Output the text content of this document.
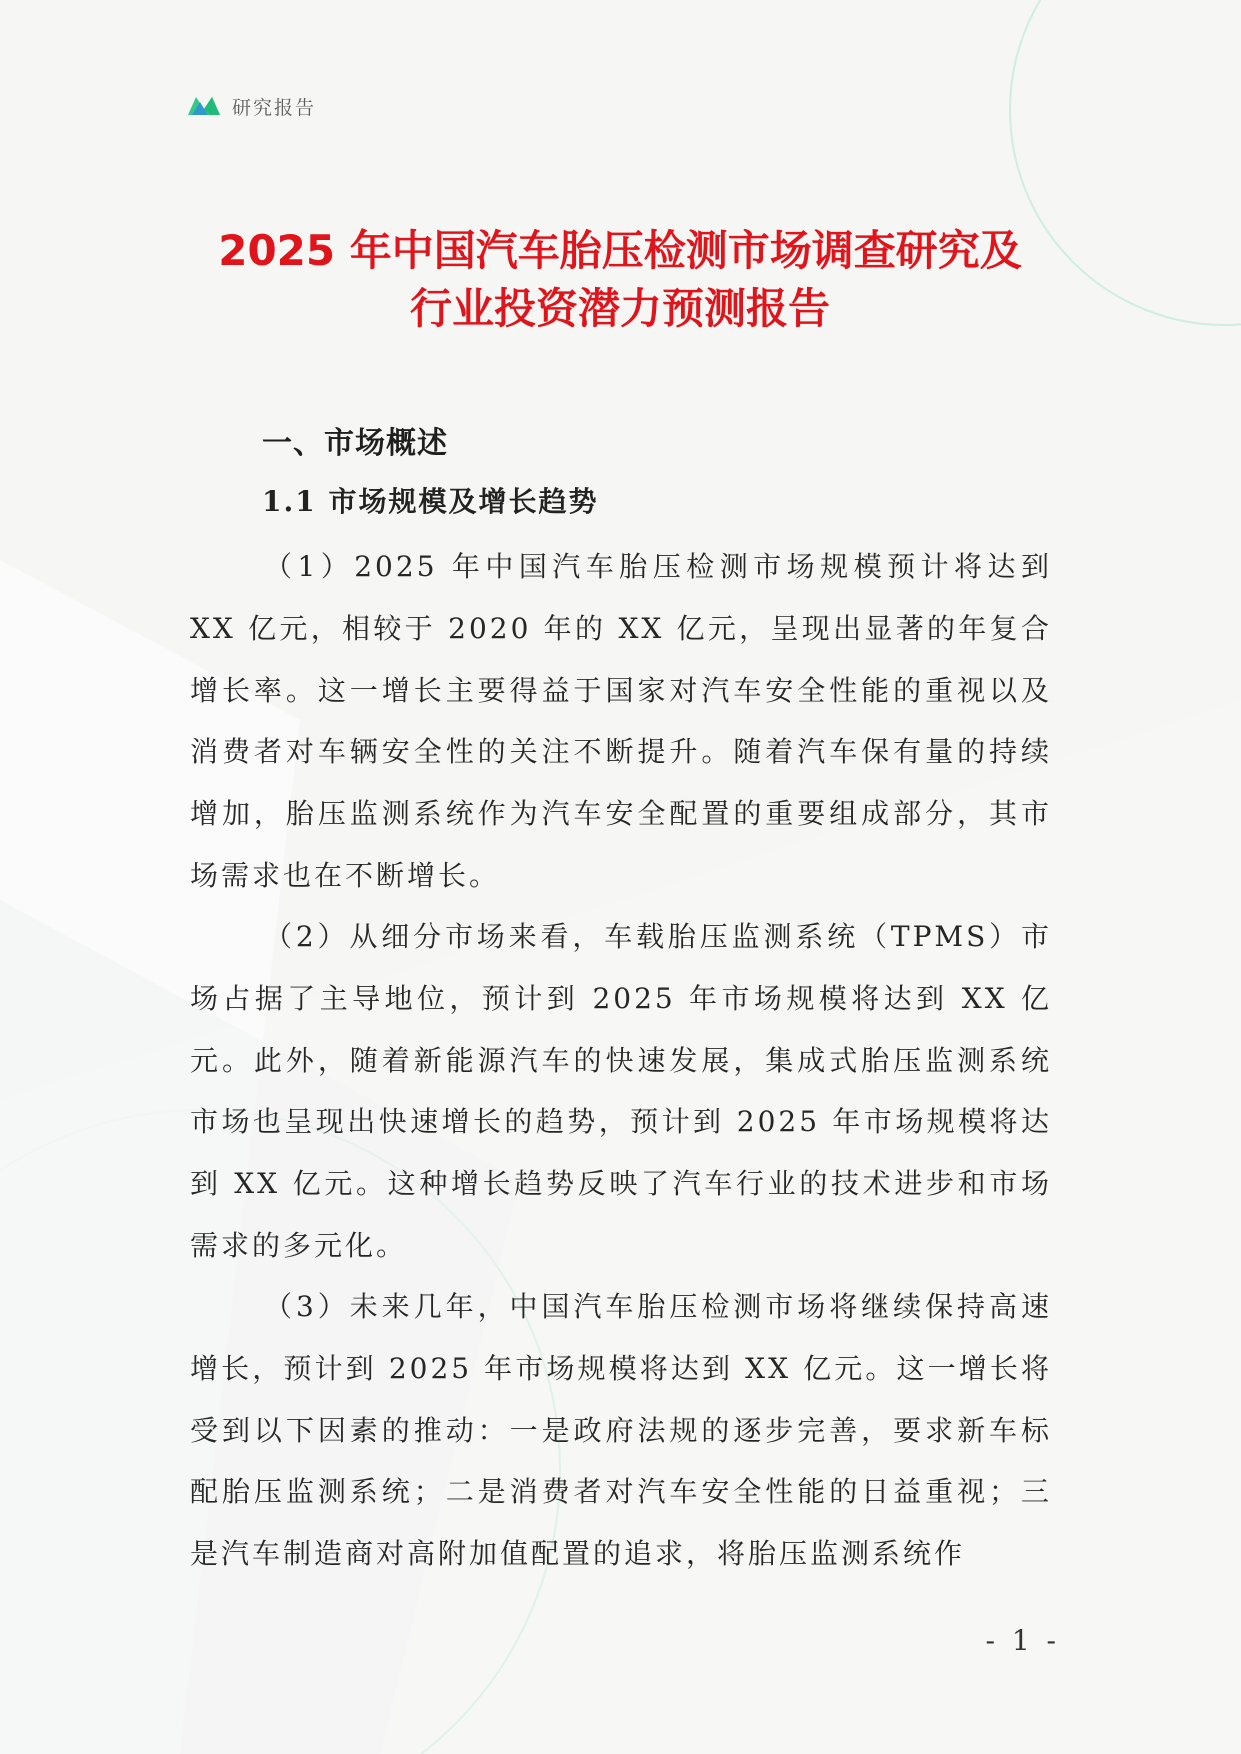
研究报告
2025 年中国汽车胎压检测市场调查研究及
行业投资潜力预测报告
一、市场概述
1.1 市场规模及增长趋势

（1）2025 年中国汽车胎压检测市场规模预计将达到 XX 亿元，相较于 2020 年的 XX 亿元，呈现出显著的年复合增长率。这一增长主要得益于国家对汽车安全性能的重视以及消费者对车辆安全性的关注不断提升。随着汽车保有量的持续增加，胎压监测系统作为汽车安全配置的重要组成部分，其市场需求也在不断增长。

（2）从细分市场来看，车载胎压监测系统（TPMS）市场占据了主导地位，预计到 2025 年市场规模将达到 XX 亿元。此外，随着新能源汽车的快速发展，集成式胎压监测系统市场也呈现出快速增长的趋势，预计到 2025 年市场规模将达到 XX 亿元。这种增长趋势反映了汽车行业的技术进步和市场需求的多元化。

（3）未来几年，中国汽车胎压检测市场将继续保持高速增长，预计到 2025 年市场规模将达到 XX 亿元。这一增长将受到以下因素的推动：一是政府法规的逐步完善，要求新车标配胎压监测系统；二是消费者对汽车安全性能的日益重视；三是汽车制造商对高附加值配置的追求，将胎压监测系统作

- 1 -
